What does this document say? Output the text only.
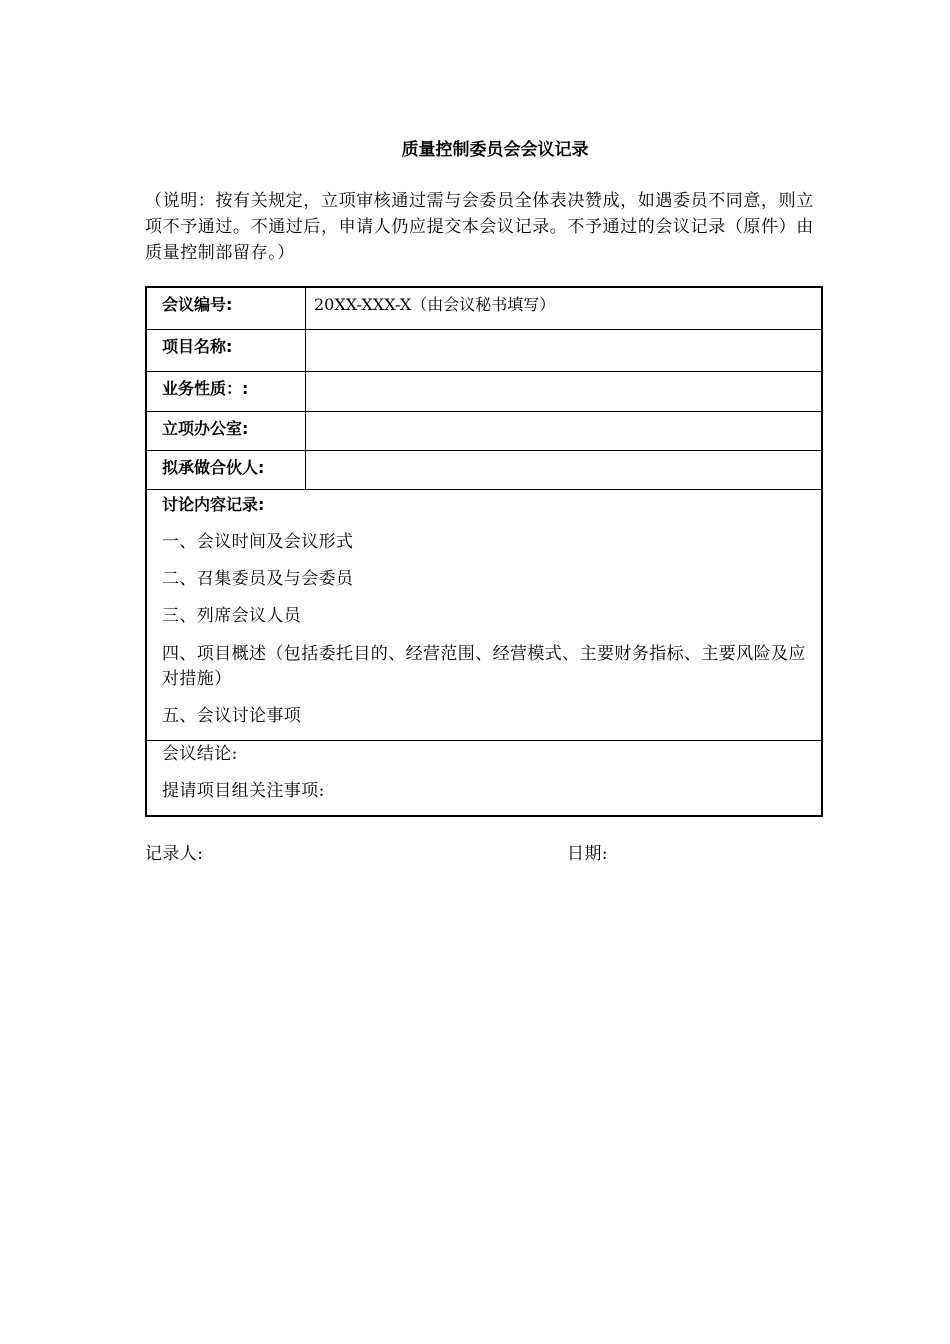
质量控制委员会会议记录
（说明：按有关规定，立项审核通过需与会委员全体表决赞成，如遇委员不同意，则立项不予通过。不通过后，申请人仍应提交本会议记录。不予通过的会议记录（原件）由质量控制部留存。）
会议编号:	20XX-XXX-X（由会议秘书填写）
项目名称:
业务性质：:
立项办公室:
拟承做合伙人:
讨论内容记录:
一、会议时间及会议形式
二、召集委员及与会委员
三、列席会议人员
四、项目概述（包括委托目的、经营范围、经营模式、主要财务指标、主要风险及应对措施）
五、会议讨论事项
会议结论:
提请项目组关注事项:
记录人:	日期:
